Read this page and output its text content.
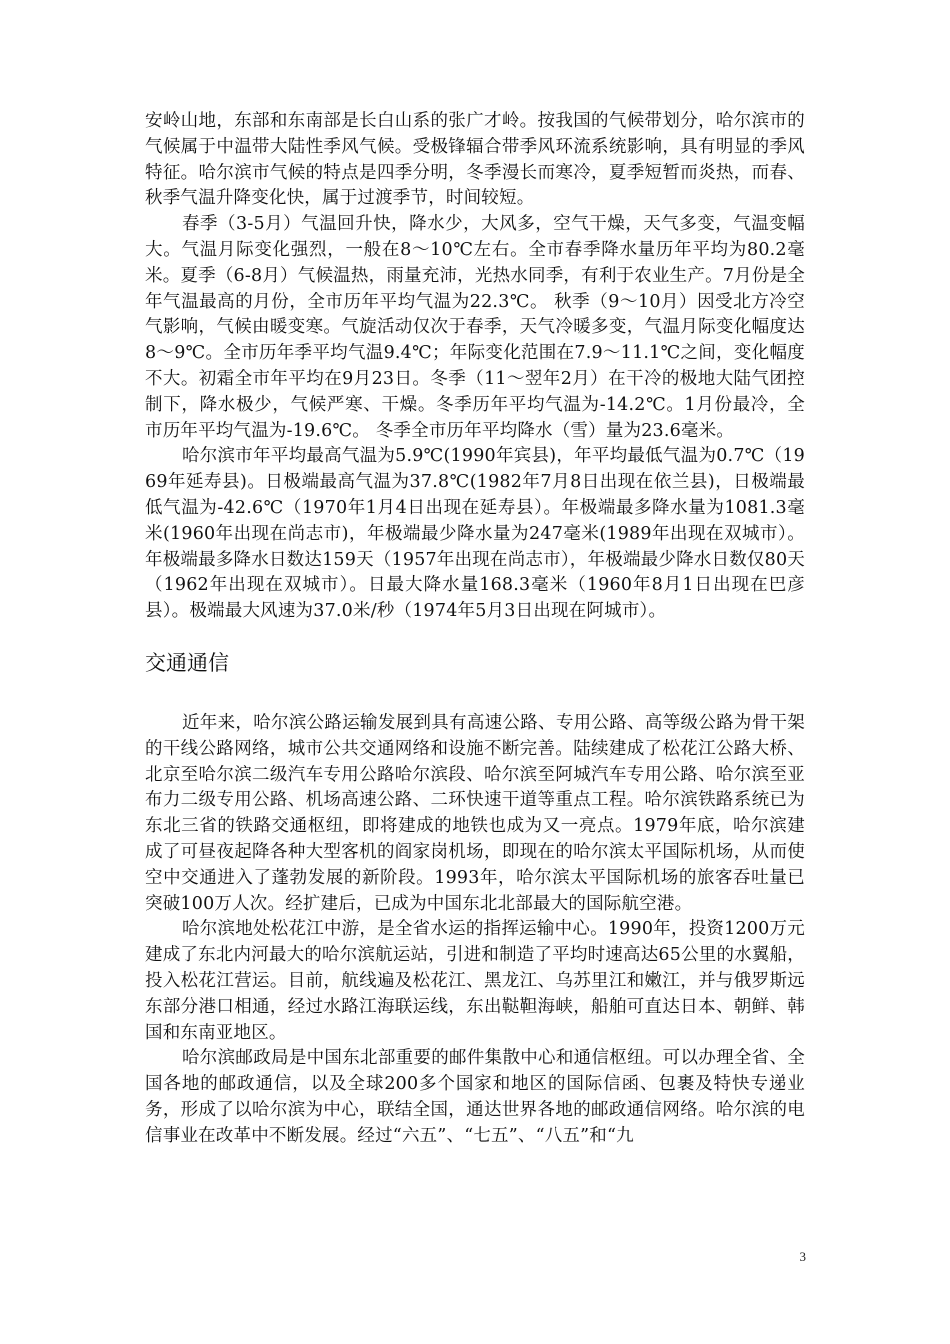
安岭山地，东部和东南部是长白山系的张广才岭。按我国的气候带划分，哈尔滨市的气候属于中温带大陆性季风气候。受极锋辐合带季风环流系统影响，具有明显的季风特征。哈尔滨市气候的特点是四季分明，冬季漫长而寒冷，夏季短暂而炎热，而春、秋季气温升降变化快，属于过渡季节，时间较短。

春季（3-5月）气温回升快，降水少，大风多，空气干燥，天气多变，气温变幅大。气温月际变化强烈，一般在8～10℃左右。全市春季降水量历年平均为80.2毫米。夏季（6-8月）气候温热，雨量充沛，光热水同季，有利于农业生产。7月份是全年气温最高的月份，全市历年平均气温为22.3℃。 秋季（9～10月）因受北方冷空气影响，气候由暖变寒。气旋活动仅次于春季，天气冷暖多变，气温月际变化幅度达8～9℃。全市历年季平均气温9.4℃；年际变化范围在7.9～11.1℃之间，变化幅度不大。初霜全市年平均在9月23日。冬季（11～翌年2月）在干冷的极地大陆气团控制下，降水极少，气候严寒、干燥。冬季历年平均气温为-14.2℃。1月份最冷，全市历年平均气温为-19.6℃。 冬季全市历年平均降水（雪）量为23.6毫米。

哈尔滨市年平均最高气温为5.9℃(1990年宾县)，年平均最低气温为0.7℃（1969年延寿县)。日极端最高气温为37.8℃(1982年7月8日出现在依兰县)，日极端最低气温为-42.6℃（1970年1月4日出现在延寿县）。年极端最多降水量为1081.3毫米(1960年出现在尚志市)，年极端最少降水量为247毫米(1989年出现在双城市）。年极端最多降水日数达159天（1957年出现在尚志市），年极端最少降水日数仅80天（1962年出现在双城市）。日最大降水量168.3毫米（1960年8月1日出现在巴彦县）。极端最大风速为37.0米/秒（1974年5月3日出现在阿城市）。

交通通信

近年来，哈尔滨公路运输发展到具有高速公路、专用公路、高等级公路为骨干架的干线公路网络，城市公共交通网络和设施不断完善。陆续建成了松花江公路大桥、北京至哈尔滨二级汽车专用公路哈尔滨段、哈尔滨至阿城汽车专用公路、哈尔滨至亚布力二级专用公路、机场高速公路、二环快速干道等重点工程。哈尔滨铁路系统已为东北三省的铁路交通枢纽，即将建成的地铁也成为又一亮点。1979年底，哈尔滨建成了可昼夜起降各种大型客机的阎家岗机场，即现在的哈尔滨太平国际机场，从而使空中交通进入了蓬勃发展的新阶段。1993年，哈尔滨太平国际机场的旅客吞吐量已突破100万人次。经扩建后，已成为中国东北北部最大的国际航空港。

哈尔滨地处松花江中游，是全省水运的指挥运输中心。1990年，投资1200万元建成了东北内河最大的哈尔滨航运站，引进和制造了平均时速高达65公里的水翼船，投入松花江营运。目前，航线遍及松花江、黑龙江、乌苏里江和嫩江，并与俄罗斯远东部分港口相通，经过水路江海联运线，东出鞑靼海峡，船舶可直达日本、朝鲜、韩国和东南亚地区。

哈尔滨邮政局是中国东北部重要的邮件集散中心和通信枢纽。可以办理全省、全国各地的邮政通信，以及全球200多个国家和地区的国际信函、包裹及特快专递业务，形成了以哈尔滨为中心，联结全国，通达世界各地的邮政通信网络。哈尔滨的电信事业在改革中不断发展。经过“六五”、“七五”、“八五”和“九

3
